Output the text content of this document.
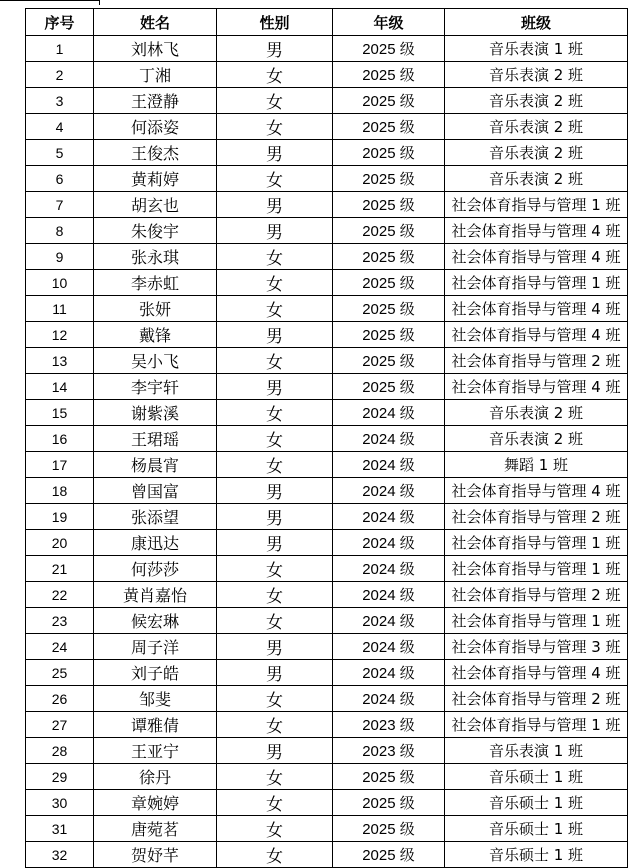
序号	姓名	性别	年级	班级
1	刘林飞	男	2025 级	音乐表演 1 班
2	丁湘	女	2025 级	音乐表演 2 班
3	王澄静	女	2025 级	音乐表演 2 班
4	何添姿	女	2025 级	音乐表演 2 班
5	王俊杰	男	2025 级	音乐表演 2 班
6	黄莉婷	女	2025 级	音乐表演 2 班
7	胡玄也	男	2025 级	社会体育指导与管理 1 班
8	朱俊宇	男	2025 级	社会体育指导与管理 4 班
9	张永琪	女	2025 级	社会体育指导与管理 4 班
10	李赤虹	女	2025 级	社会体育指导与管理 1 班
11	张妍	女	2025 级	社会体育指导与管理 4 班
12	戴锋	男	2025 级	社会体育指导与管理 4 班
13	吴小飞	女	2025 级	社会体育指导与管理 2 班
14	李宇轩	男	2025 级	社会体育指导与管理 4 班
15	谢紫溪	女	2024 级	音乐表演 2 班
16	王珺瑶	女	2024 级	音乐表演 2 班
17	杨晨宵	女	2024 级	舞蹈 1 班
18	曾国富	男	2024 级	社会体育指导与管理 4 班
19	张添望	男	2024 级	社会体育指导与管理 2 班
20	康迅达	男	2024 级	社会体育指导与管理 1 班
21	何莎莎	女	2024 级	社会体育指导与管理 1 班
22	黄肖嘉怡	女	2024 级	社会体育指导与管理 2 班
23	候宏琳	女	2024 级	社会体育指导与管理 1 班
24	周子洋	男	2024 级	社会体育指导与管理 3 班
25	刘子皓	男	2024 级	社会体育指导与管理 4 班
26	邹斐	女	2024 级	社会体育指导与管理 2 班
27	谭雅倩	女	2023 级	社会体育指导与管理 1 班
28	王亚宁	男	2023 级	音乐表演 1 班
29	徐丹	女	2025 级	音乐硕士 1 班
30	章婉婷	女	2025 级	音乐硕士 1 班
31	唐菀茗	女	2025 级	音乐硕士 1 班
32	贺妤芊	女	2025 级	音乐硕士 1 班
